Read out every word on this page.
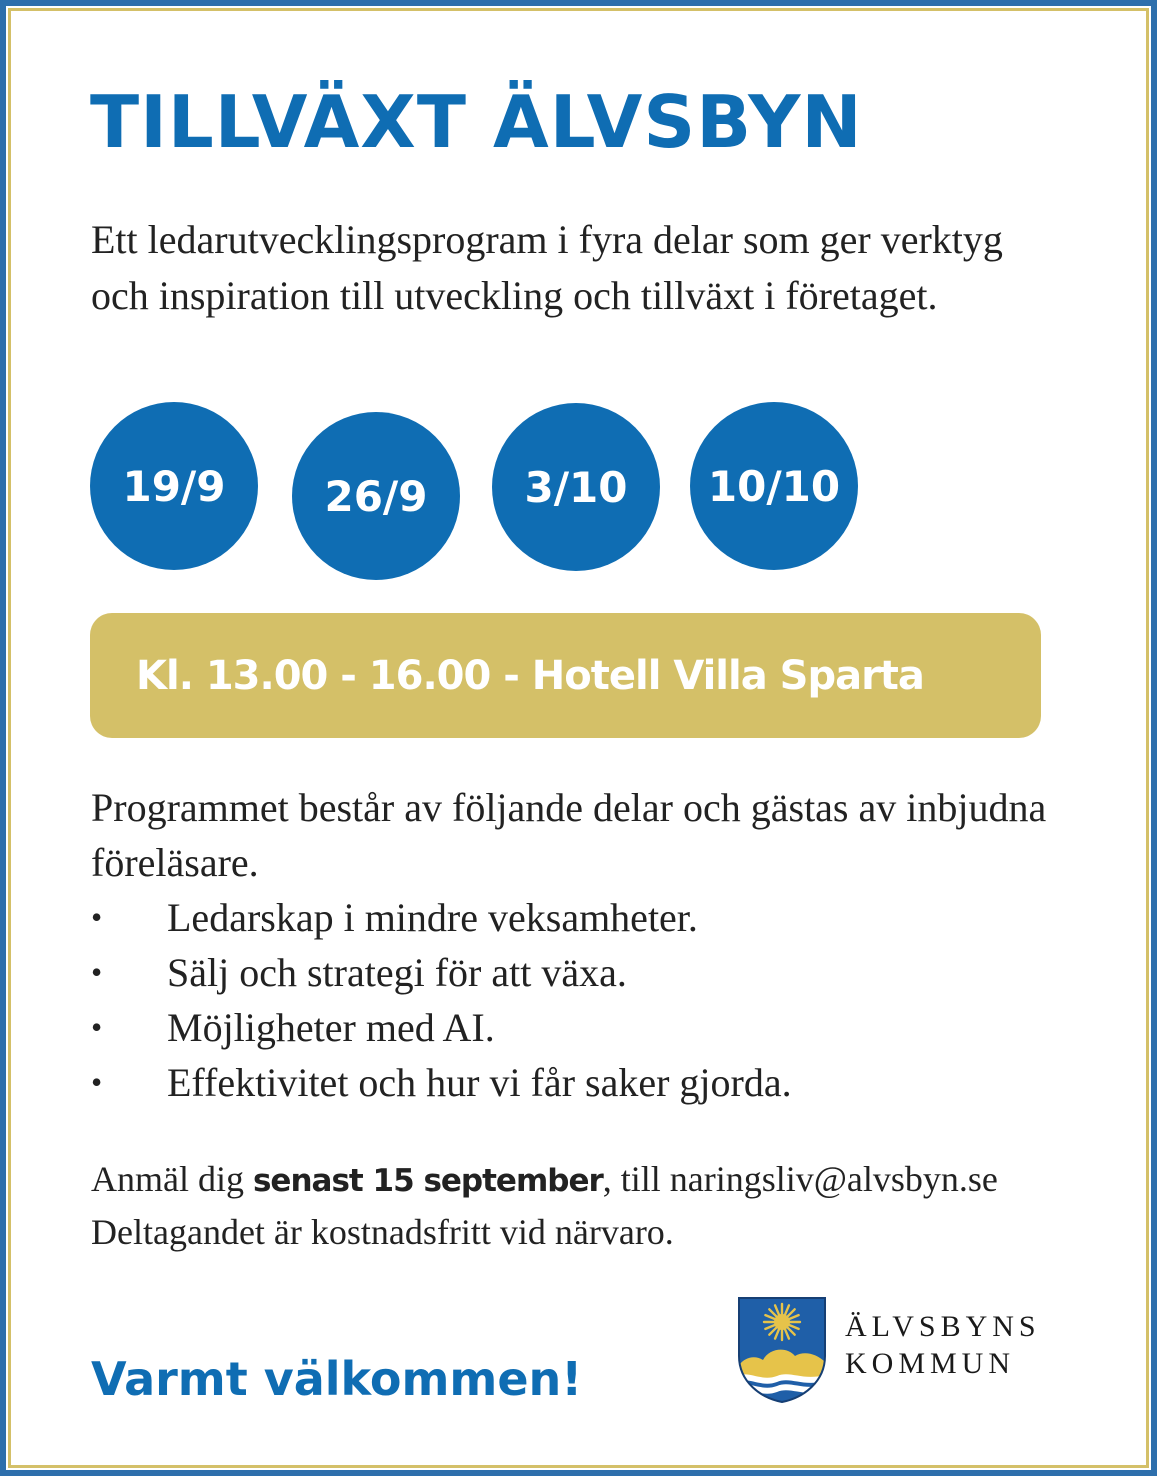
TILLVÄXT ÄLVSBYN

Ett ledarutvecklingsprogram i fyra delar som ger verktyg och inspiration till utveckling och tillväxt i företaget.

19/9	26/9	3/10	10/10
Kl. 13.00 - 16.00 - Hotell Villa Sparta

Programmet består av följande delar och gästas av inbjudna föreläsare.

• Ledarskap i mindre veksamheter.
• Sälj och strategi för att växa.
• Möjligheter med AI.
• Effektivitet och hur vi får saker gjorda.

Anmäl dig senast 15 september, till naringsliv@alvsbyn.se
Deltagandet är kostnadsfritt vid närvaro.

Varmt välkommen!

ÄLVSBYNS
KOMMUN
